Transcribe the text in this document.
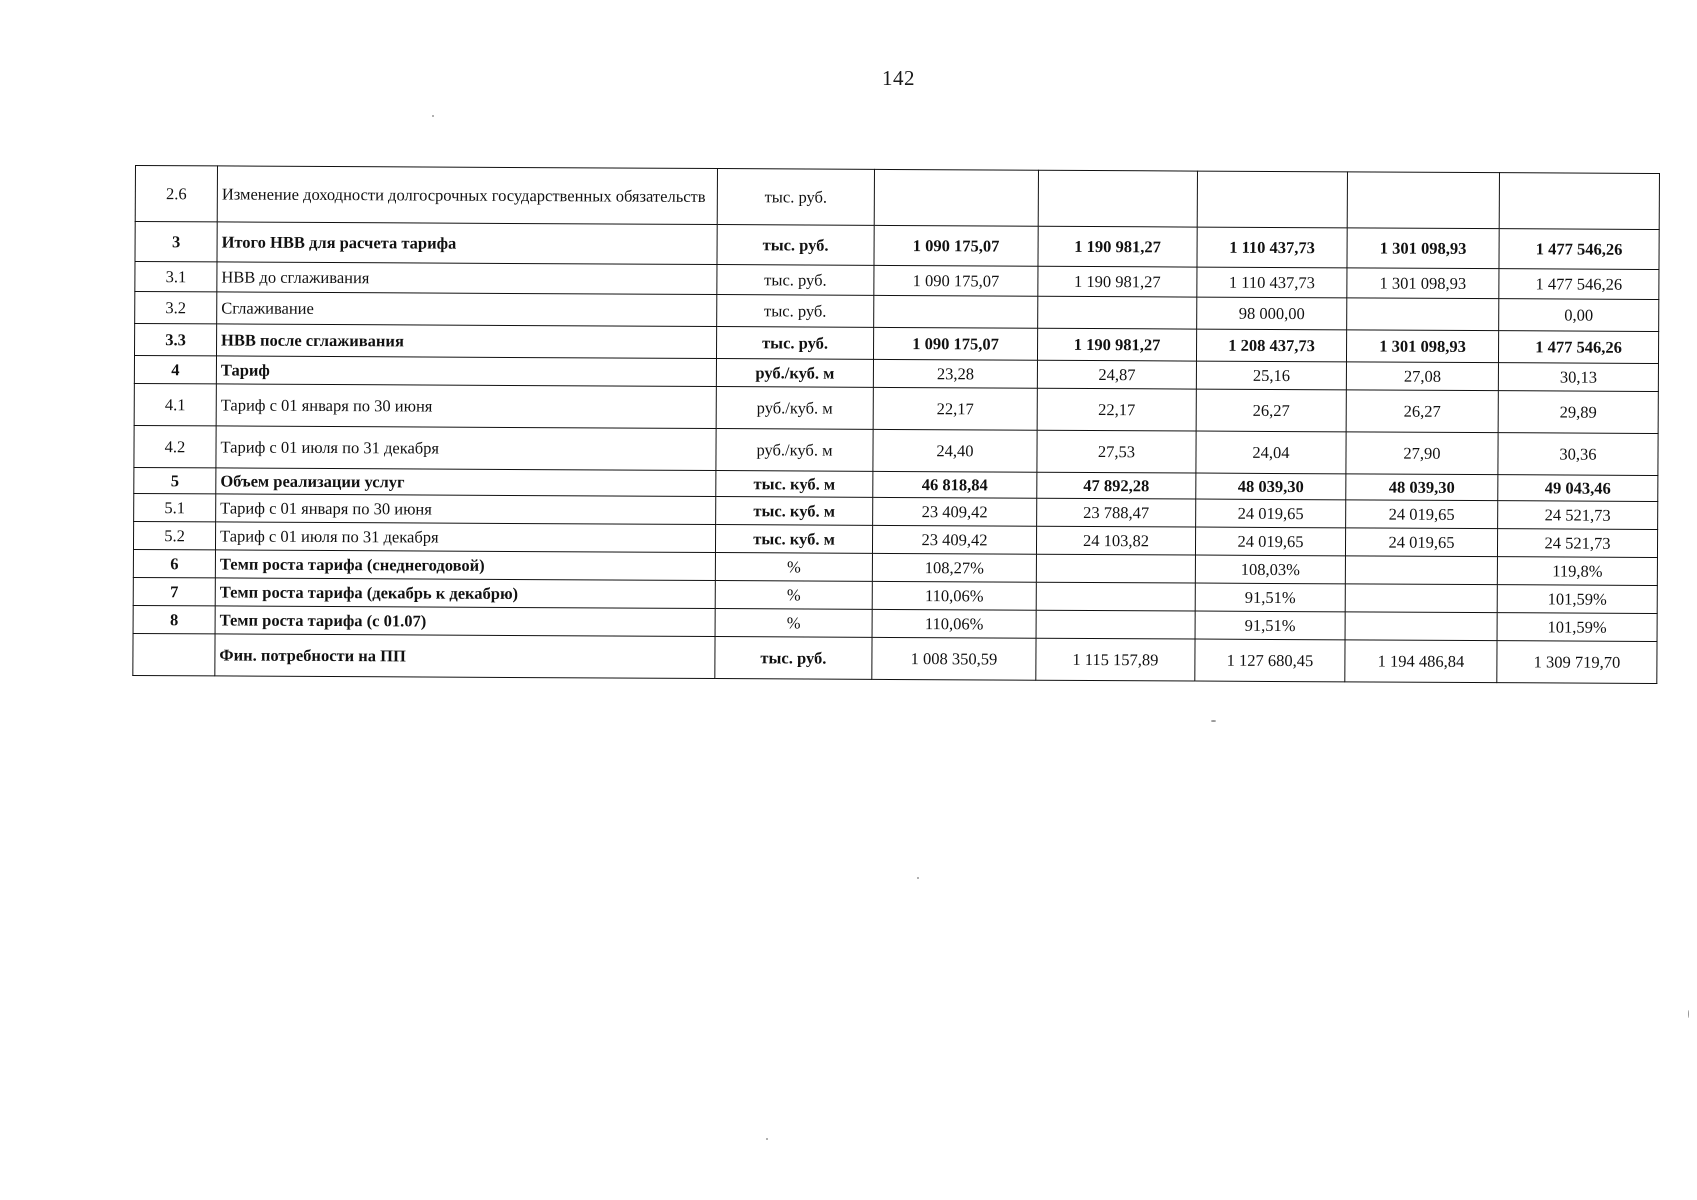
142
2.6	Изменение доходности долгосрочных государственных обязательств	тыс. руб.					
3	Итого НВВ для расчета тарифа	тыс. руб.	1 090 175,07	1 190 981,27	1 110 437,73	1 301 098,93	1 477 546,26
3.1	НВВ до сглаживания	тыс. руб.	1 090 175,07	1 190 981,27	1 110 437,73	1 301 098,93	1 477 546,26
3.2	Сглаживание	тыс. руб.			98 000,00		0,00
3.3	НВВ после сглаживания	тыс. руб.	1 090 175,07	1 190 981,27	1 208 437,73	1 301 098,93	1 477 546,26
4	Тариф	руб./куб. м	23,28	24,87	25,16	27,08	30,13
4.1	Тариф с 01 января по 30 июня	руб./куб. м	22,17	22,17	26,27	26,27	29,89
4.2	Тариф с 01 июля по 31 декабря	руб./куб. м	24,40	27,53	24,04	27,90	30,36
5	Объем реализации услуг	тыс. куб. м	46 818,84	47 892,28	48 039,30	48 039,30	49 043,46
5.1	Тариф с 01 января по 30 июня	тыс. куб. м	23 409,42	23 788,47	24 019,65	24 019,65	24 521,73
5.2	Тариф с 01 июля по 31 декабря	тыс. куб. м	23 409,42	24 103,82	24 019,65	24 019,65	24 521,73
6	Темп роста тарифа (снеднегодовой)	%	108,27%		108,03%		119,8%
7	Темп роста тарифа (декабрь к декабрю)	%	110,06%		91,51%		101,59%
8	Темп роста тарифа (с 01.07)	%	110,06%		91,51%		101,59%
	Фин. потребности на ПП	тыс. руб.	1 008 350,59	1 115 157,89	1 127 680,45	1 194 486,84	1 309 719,70
